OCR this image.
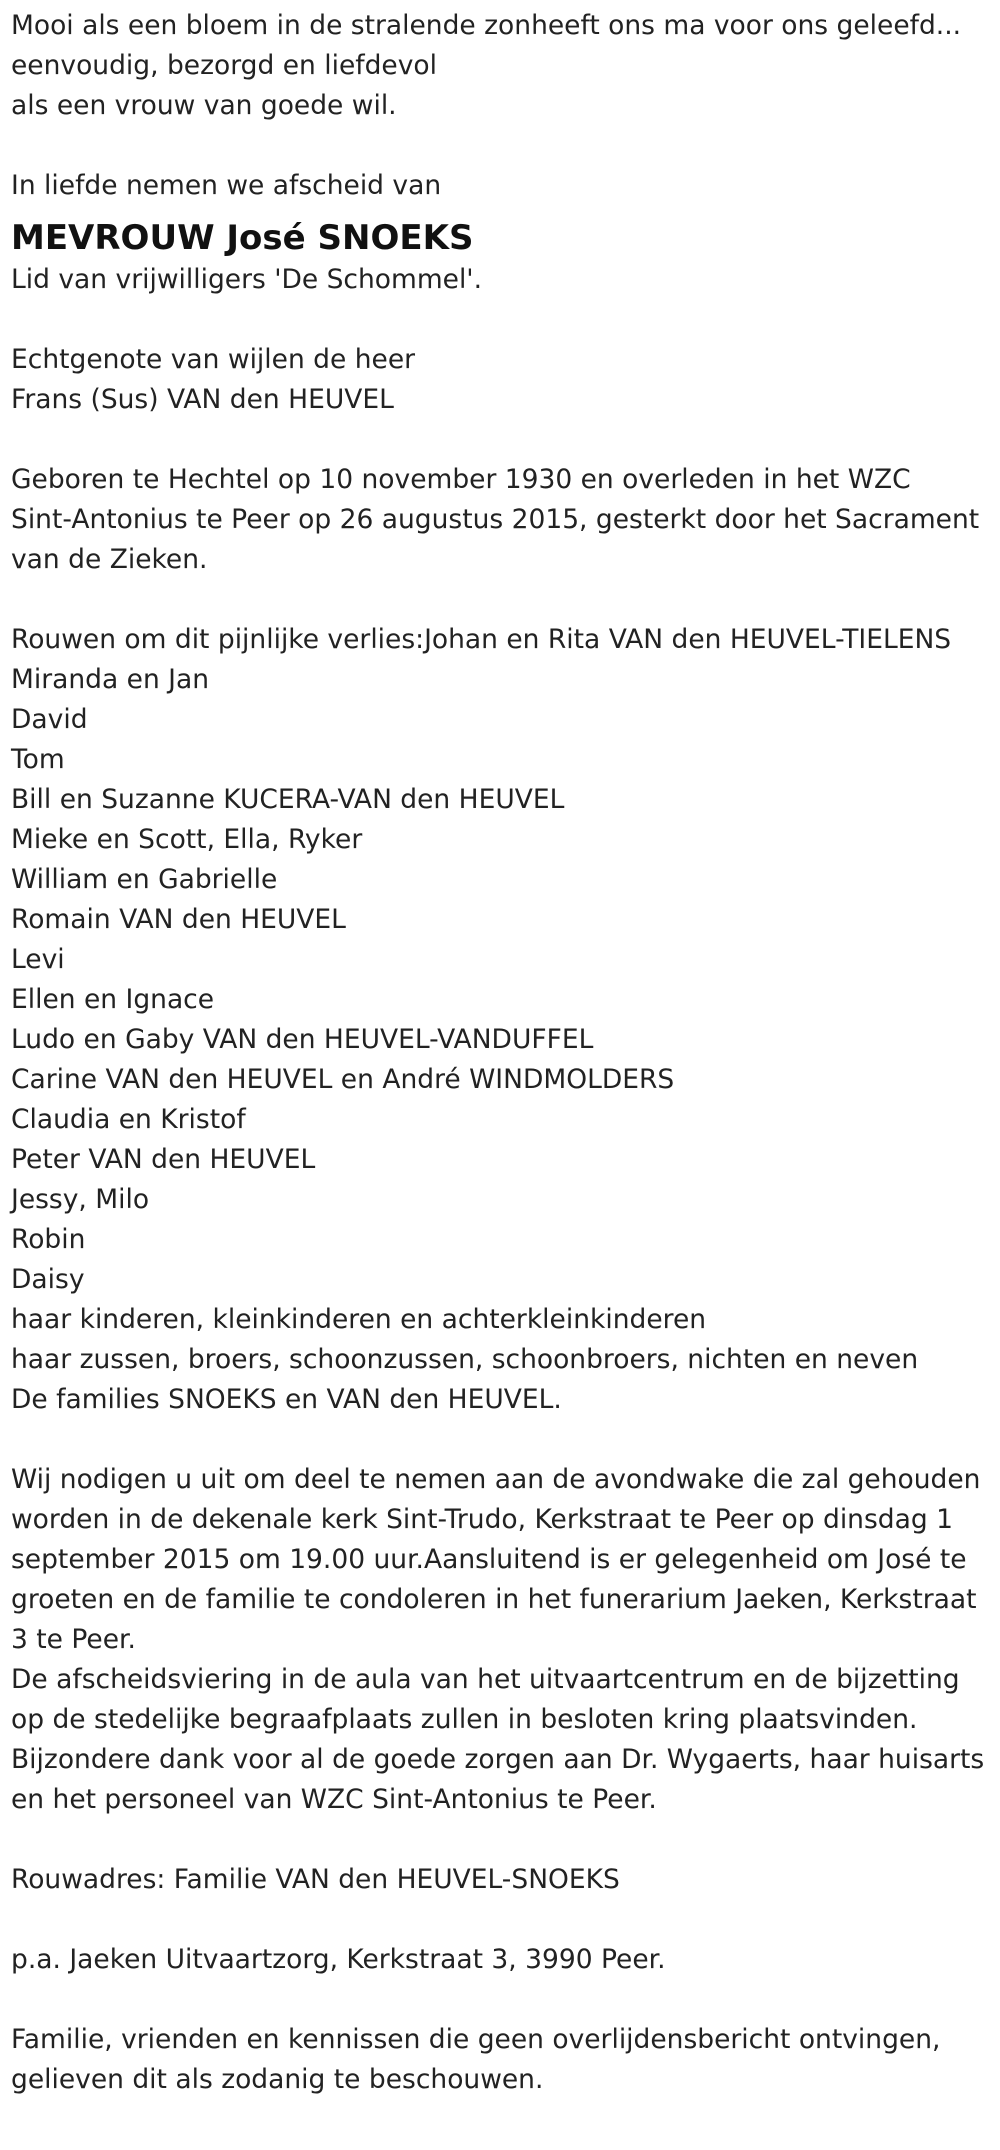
Mooi als een bloem in de stralende zonheeft ons ma voor ons geleefd...
eenvoudig, bezorgd en liefdevol
als een vrouw van goede wil.
In liefde nemen we afscheid van
MEVROUW José SNOEKS
Lid van vrijwilligers 'De Schommel'.
Echtgenote van wijlen de heer
Frans (Sus) VAN den HEUVEL
Geboren te Hechtel op 10 november 1930 en overleden in het WZC
Sint-Antonius te Peer op 26 augustus 2015, gesterkt door het Sacrament
van de Zieken.
Rouwen om dit pijnlijke verlies:Johan en Rita VAN den HEUVEL-TIELENS
Miranda en Jan
David
Tom
Bill en Suzanne KUCERA-VAN den HEUVEL
Mieke en Scott, Ella, Ryker
William en Gabrielle
Romain VAN den HEUVEL
Levi
Ellen en Ignace
Ludo en Gaby VAN den HEUVEL-VANDUFFEL
Carine VAN den HEUVEL en André WINDMOLDERS
Claudia en Kristof
Peter VAN den HEUVEL
Jessy, Milo
Robin
Daisy
haar kinderen, kleinkinderen en achterkleinkinderen
haar zussen, broers, schoonzussen, schoonbroers, nichten en neven
De families SNOEKS en VAN den HEUVEL.
Wij nodigen u uit om deel te nemen aan de avondwake die zal gehouden
worden in de dekenale kerk Sint-Trudo, Kerkstraat te Peer op dinsdag 1
september 2015 om 19.00 uur.Aansluitend is er gelegenheid om José te
groeten en de familie te condoleren in het funerarium Jaeken, Kerkstraat
3 te Peer.
De afscheidsviering in de aula van het uitvaartcentrum en de bijzetting
op de stedelijke begraafplaats zullen in besloten kring plaatsvinden.
Bijzondere dank voor al de goede zorgen aan Dr. Wygaerts, haar huisarts
en het personeel van WZC Sint-Antonius te Peer.
Rouwadres: Familie VAN den HEUVEL-SNOEKS
p.a. Jaeken Uitvaartzorg, Kerkstraat 3, 3990 Peer.
Familie, vrienden en kennissen die geen overlijdensbericht ontvingen,
gelieven dit als zodanig te beschouwen.
